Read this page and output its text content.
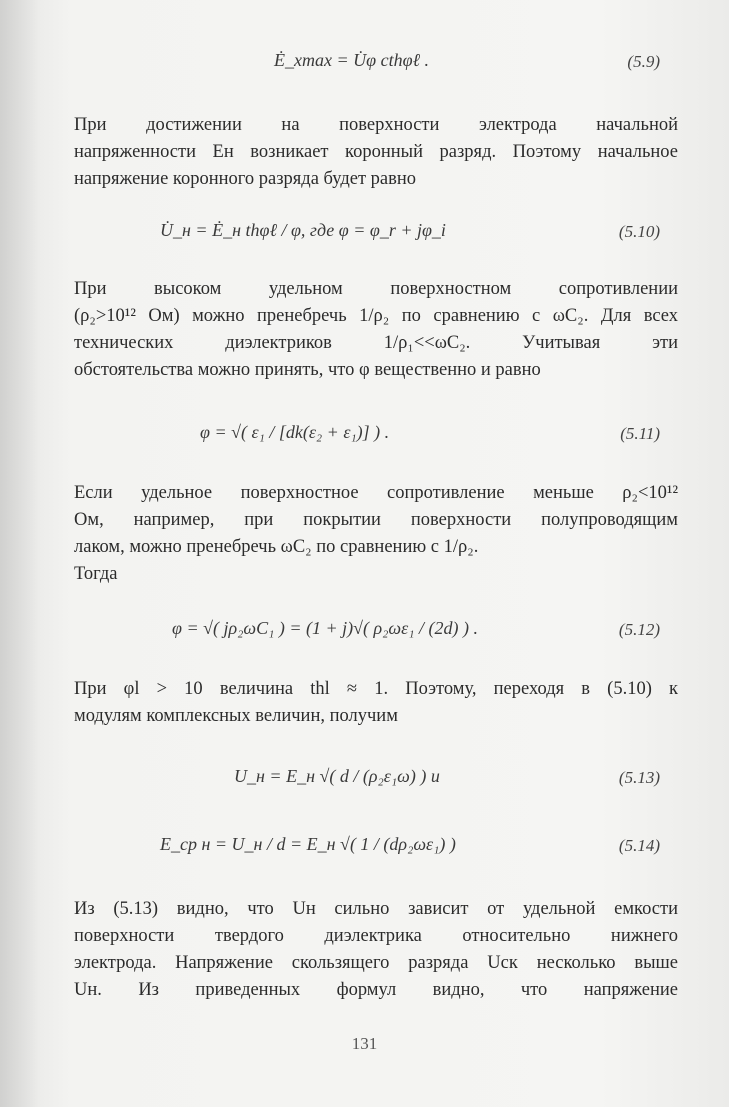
Ė_xmax = U̇φ cthφℓ .	(5.9)
При достижении на поверхности электрода начальной
напряженности Eн возникает коронный разряд. Поэтому начальное
напряжение коронного разряда будет равно
U̇_н = Ė_н thφℓ / φ, где φ = φ_r + jφ_i	(5.10)
При высоком удельном поверхностном сопротивлении
(ρ₂>10¹² Ом) можно пренебречь 1/ρ₂ по сравнению с ωC₂. Для всех
технических диэлектриков 1/ρ₁<<ωC₂. Учитывая эти
обстоятельства можно принять, что φ вещественно и равно
φ = √( ε₁ / [dk(ε₂ + ε₁)] ) .	(5.11)
Если удельное поверхностное сопротивление меньше ρ₂<10¹²
Ом, например, при покрытии поверхности полупроводящим
лаком, можно пренебречь ωC₂ по сравнению с 1/ρ₂.
Тогда
φ = √( jρ₂ωC₁ ) = (1 + j)√( ρ₂ωε₁ / (2d) ) .	(5.12)
При φl > 10 величина thl ≈ 1. Поэтому, переходя в (5.10) к
модулям комплексных величин, получим
U_н = E_н √( d / (ρ₂ε₁ω) ) и	(5.13)
E_ср н = U_н / d = E_н √( 1 / (dρ₂ωε₁) )	(5.14)
Из (5.13) видно, что Uн сильно зависит от удельной емкости
поверхности твердого диэлектрика относительно нижнего
электрода. Напряжение скользящего разряда Uск несколько выше
Uн. Из приведенных формул видно, что напряжение
131
